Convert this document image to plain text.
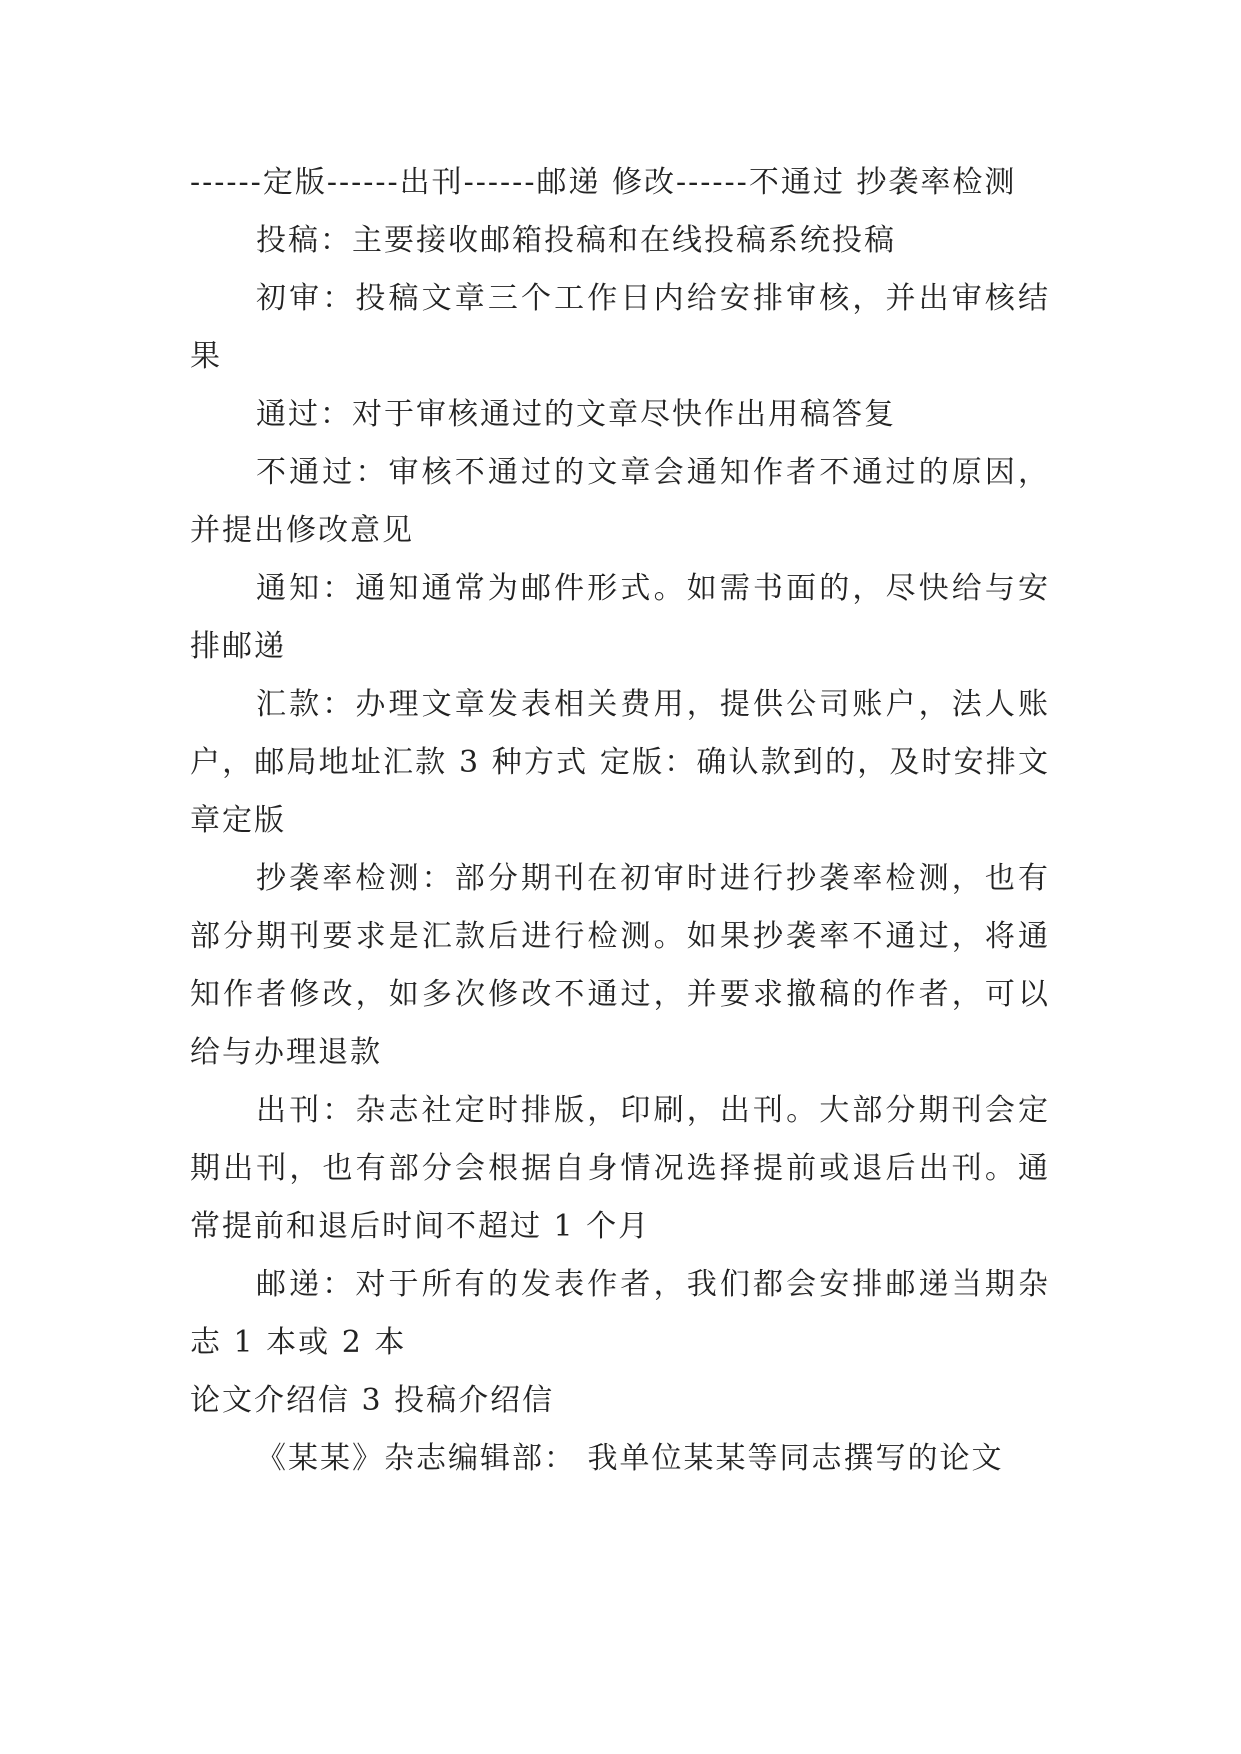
------定版------出刊------邮递 修改------不通过 抄袭率检测

投稿：主要接收邮箱投稿和在线投稿系统投稿

初审：投稿文章三个工作日内给安排审核，并出审核结果

通过：对于审核通过的文章尽快作出用稿答复

不通过：审核不通过的文章会通知作者不通过的原因，并提出修改意见

通知：通知通常为邮件形式。如需书面的，尽快给与安排邮递

汇款：办理文章发表相关费用，提供公司账户，法人账户，邮局地址汇款 3 种方式 定版：确认款到的，及时安排文章定版

抄袭率检测：部分期刊在初审时进行抄袭率检测，也有部分期刊要求是汇款后进行检测。如果抄袭率不通过，将通知作者修改，如多次修改不通过，并要求撤稿的作者，可以给与办理退款

出刊：杂志社定时排版，印刷，出刊。大部分期刊会定期出刊，也有部分会根据自身情况选择提前或退后出刊。通常提前和退后时间不超过 1 个月

邮递：对于所有的发表作者，我们都会安排邮递当期杂志 1 本或 2 本

论文介绍信 3 投稿介绍信

《某某》杂志编辑部： 我单位某某等同志撰写的论文
